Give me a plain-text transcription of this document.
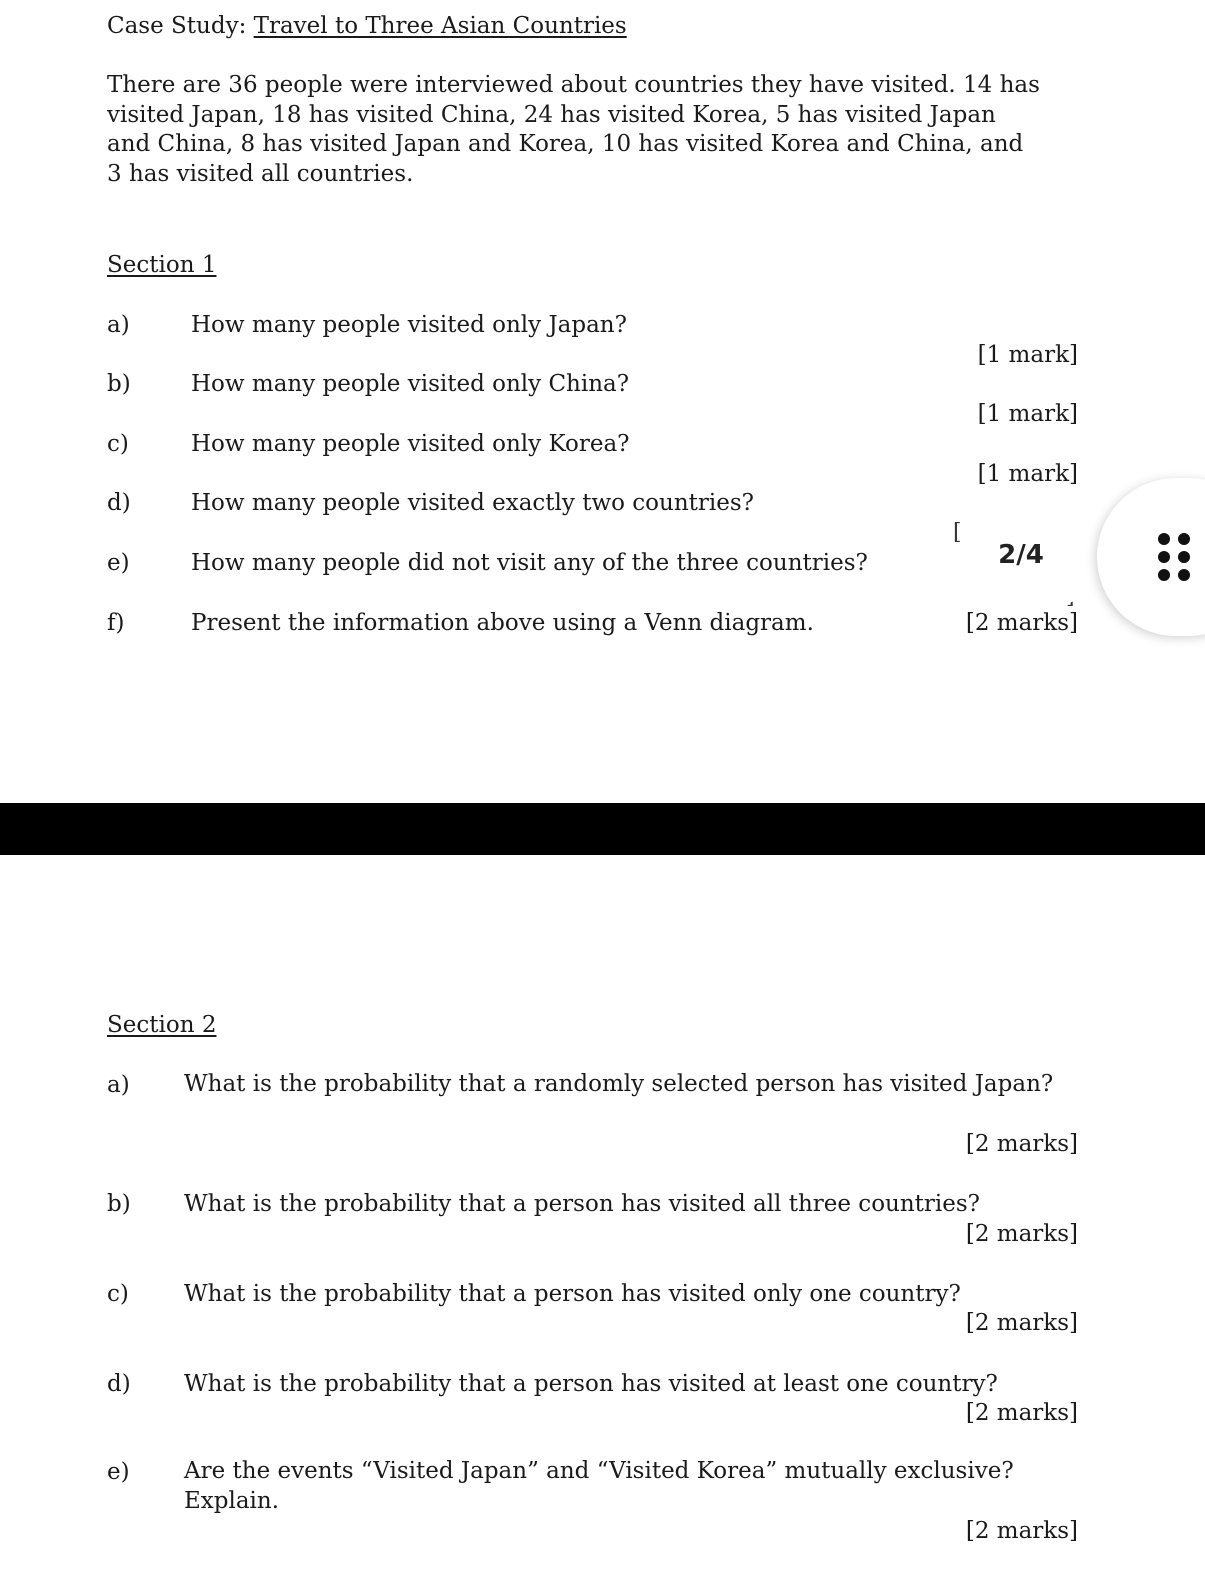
Case Study: Travel to Three Asian Countries

There are 36 people were interviewed about countries they have visited. 14 has

visited Japan, 18 has visited China, 24 has visited Korea, 5 has visited Japan

and China, 8 has visited Japan and Korea, 10 has visited Korea and China, and

3 has visited all countries.

Section 1
a)	How many people visited only Japan?
[1 mark]
b)	How many people visited only China?
[1 mark]
c)	How many people visited only Korea?
[1 mark]
d)	How many people visited exactly two countries?
e)	How many people did not visit any of the three countries?
f)	Present the information above using a Venn diagram.	[2 marks]
[
2/4
Section 2
a) What is the probability that a randomly selected person has visited Japan?
[2 marks]
b) What is the probability that a person has visited all three countries?
[2 marks]
c) What is the probability that a person has visited only one country?
[2 marks]
d) What is the probability that a person has visited at least one country?
[2 marks]
e) Are the events “Visited Japan” and “Visited Korea” mutually exclusive? Explain.
[2 marks]
